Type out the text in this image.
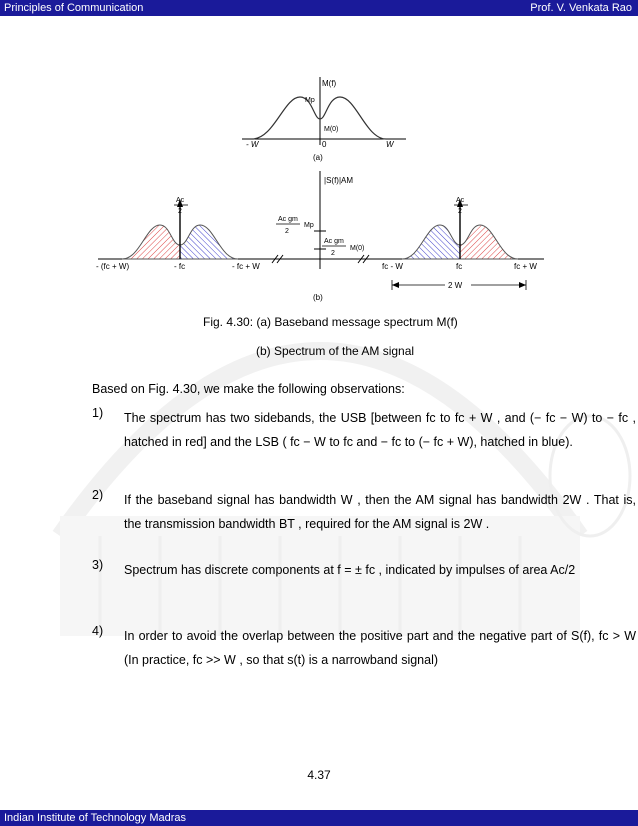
Principles of Communication	Prof. V. Venkata Rao
M(f)
Mp
M(0)
- W	0	W
(a)
|S(f)|AM
Ac
2
Ac
2
Ac gm
2
Mp
Ac gm
2
M(0)
- (fc + W)	- fc	- fc + W	fc - W	fc	fc + W
2 W
(b)
Fig. 4.30: (a) Baseband message spectrum M(f)
(b) Spectrum of the AM signal
Based on Fig. 4.30, we make the following observations:
1) The spectrum has two sidebands, the USB [between fc to fc + W , and (− fc − W) to − fc , hatched in red] and the LSB ( fc − W to fc and − fc to (− fc + W), hatched in blue).
2) If the baseband signal has bandwidth W , then the AM signal has bandwidth 2W . That is, the transmission bandwidth BT , required for the AM signal is 2W .
3) Spectrum has discrete components at f = ± fc , indicated by impulses of area Ac/2
4) In order to avoid the overlap between the positive part and the negative part of S(f), fc > W (In practice, fc >> W , so that s(t) is a narrowband signal)
4.37
Indian Institute of Technology Madras
